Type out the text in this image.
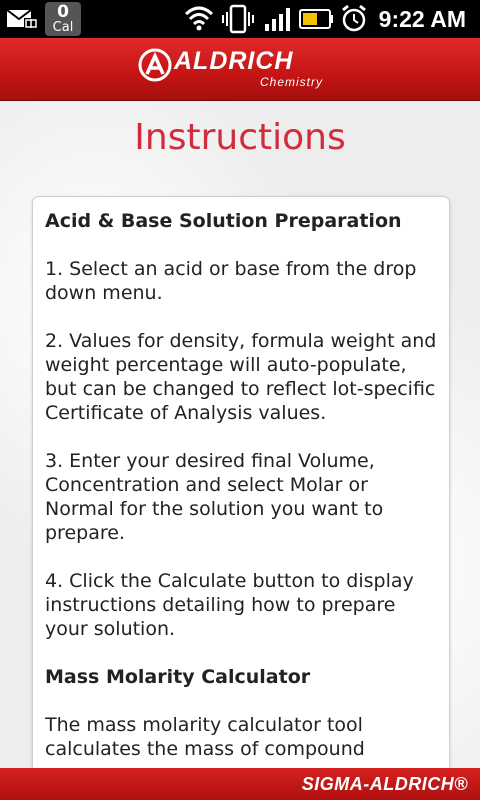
0
Cal	9:22 AM
ALDRICH
Chemistry
Instructions
Acid & Base Solution Preparation

1. Select an acid or base from the drop down menu.

2. Values for density, formula weight and weight percentage will auto-populate, but can be changed to reflect lot-specific Certificate of Analysis values.

3. Enter your desired final Volume, Concentration and select Molar or Normal for the solution you want to prepare.

4. Click the Calculate button to display instructions detailing how to prepare your solution.

Mass Molarity Calculator

The mass molarity calculator tool calculates the mass of compound

SIGMA-ALDRICH®
